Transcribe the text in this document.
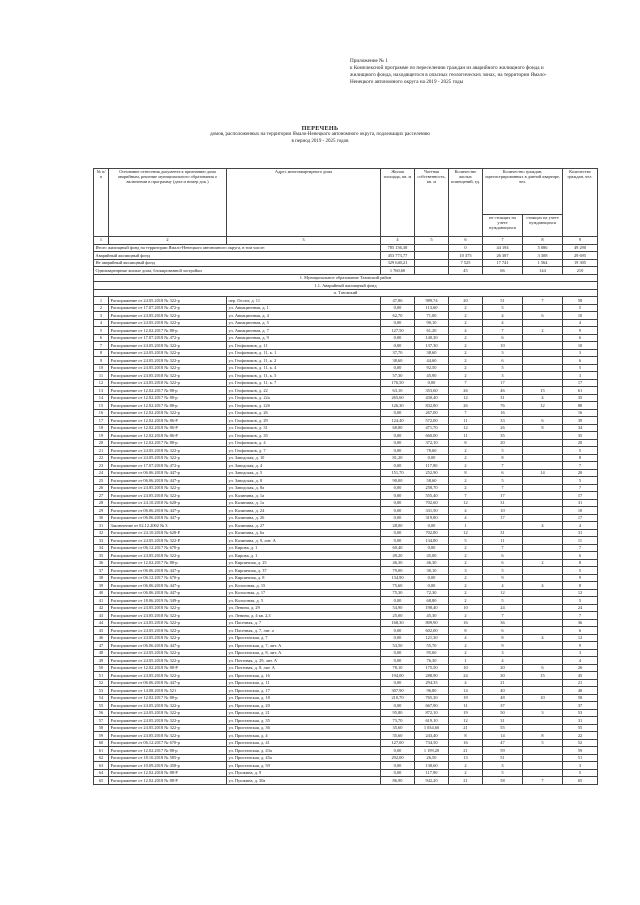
Приложение № 1
к Комплексной программе по переселению граждан из аварийного жилищного фонда и
жилищного фонда, находящегося в опасных геологических зонах, на территории Ямало-
Ненецкого автономного округа на 2019 - 2025 годы
ПЕРЕЧЕНЬ
домов, расположенных на территории Ямало-Ненецкого автономного округа, подлежащих расселению
в период 2019 - 2025 годов
№ п/п	Основание отнесения документа к признанию дома аварийным, решение муниципального образования о включении в программу (дата и номер док.)	Адрес многоквартирного дома	Жилая площадь, кв. м	Частная собственность, кв. м	Количество жилых помещений, ед.	Количество граждан, зарегистрированных в данной квартире, чел.		Количество граждан, чел.
						не стоящих на учете нуждающихся	стоящих на учете нуждающихся	
1	2	3	4	5	6	7	8	9
Итого жилищный фонд на территории Ямало-Ненецкого автономного округа, в том числе:			785 156,38		0	44 194	5 086	49 290
Аварийный жилищный фонд			453 773,77		10 375	26 387	3 308	29 695
Не аварийный жилищный фонд			329 640,21		7 525	17 741	1 564	19 305
Одноквартирные жилые дома, блокированной застройки			1 760,60		45	66	144	210
1. Муниципальное образование Тазовский район								
1.1. Аварийный жилищный фонд								
п. Тазовский								
1	Распоряжение от 24.05.2018 № 322-р	пер. Геолог, д. 11	47,86	989,74	20	51	7	58
2	Распоряжение от 17.07.2018 № 472-р	ул. Авиационная, д. 1	0,00	113,60	2	5		5
3	Распоряжение от 24.05.2018 № 322-р	ул. Авиационная, д. 4	62,70	71,00	2	4	6	10
4	Распоряжение от 24.05.2018 № 322-р	ул. Авиационная, д. 5	0,00	90,10	2	4		4
5	Распоряжение от 12.02.2017 № 88-р	ул. Авиационная, д. 7	127,50	61,20	4	7	2	9
6	Распоряжение от 17.07.2018 № 472-р	ул. Авиационная, д. 9	0,00	140,30	2	6		6
7	Распоряжение от 24.05.2018 № 322-р	ул. Геофизиков, д. 11	0,00	137,30	2	10		10
8	Распоряжение от 24.05.2018 № 322-р	ул. Геофизиков, д. 11, к. 1	37,70	38,60	2	3		3
9	Распоряжение от 24.05.2018 № 322-р	ул. Геофизиков, д. 11, к. 2	38,60	44,60	2	6		6
10	Распоряжение от 24.05.2018 № 322-р	ул. Геофизиков, д. 11, к. 4	0,00	92,50	2	5		5
11	Распоряжение от 24.05.2018 № 322-р	ул. Геофизиков, д. 11, к. 5	57,30	45,90	2	3		3
12	Распоряжение от 24.05.2018 № 322-р	ул. Геофизиков, д. 11, к. 7	176,50	0,00	7	17		17
13	Распоряжение от 12.02.2017 № 88-р	ул. Геофизиков, д. 22	63,10	353,60	26	46	15	61
14	Распоряжение от 12.02.2017 № 88-р	ул. Геофизиков, д. 22а	265,60	430,40	12	31	4	35
15	Распоряжение от 12.02.2017 № 88-р	ул. Геофизиков, д. 22б	126,30	832,80	26	76	12	88
16	Распоряжение от 12.02.2018 № 322-р	ул. Геофизиков, д. 26	0,00	267,00	7	16		16
17	Распоряжение от 12.02.2018 № 86-Р	ул. Геофизиков, д. 29	124,40	572,00	11	33	6	39
18	Распоряжение от 12.02.2018 № 86-Р	ул. Геофизиков, д. 31	68,80	471,70	12	26	8	34
19	Распоряжение от 12.02.2018 № 86-Р	ул. Геофизиков, д. 35	0,00	660,00	11	35		35
20	Распоряжение от 12.02.2017 № 88-р	ул. Геофизиков, д. 4	0,00	372,10	8	20		20
21	Распоряжение от 24.05.2018 № 322-р	ул. Геофизиков, д. 7	0,00	78,60	2	5		5
22	Распоряжение от 24.05.2018 № 322-р	ул. Заводская, д. 10	81,20	0,00	2	8		8
23	Распоряжение от 17.07.2018 № 472-р	ул. Заводская, д. 4	0,00	117,90	2	7		7
24	Распоряжение от 06.06.2018 № 447-р	ул. Заводская, д. 5	151,70	252,90	8	6	14	20
25	Распоряжение от 06.06.2018 № 447-р	ул. Заводская, д. 8	90,00	58,60	2	5		5
26	Распоряжение от 24.05.2018 № 322-р	ул. Заводская, д. 8а	0,00	258,70	2	7		7
27	Распоряжение от 24.05.2018 № 322-р	ул. Калинина, д. 1а	0,00	555,40	7	17		17
28	Распоряжение от 24.10.2018 № 628-р	ул. Калинина, д. 1а	0,00	702,60	12	31		31
29	Распоряжение от 06.06.2018 № 447-р	ул. Калинина, д. 24	0,00	331,50	4	10		10
30	Распоряжение от 06.06.2018 № 447-р	ул. Калинина, д. 26	0,00	319,80	4	17		17
31	Заключение от 02.12.2002 № 3	ул. Калинина, д. 27	28,00	0,00	1		4	4
32	Распоряжение от 24.10.2018 № 628-Р	ул. Калинина, д. 6а	0,00	702,80	12	31		31
33	Распоряжение от 24.05.2018 № 322-Р	ул. Калинина, д. 9, лит. А	0,00	134,80	5	11		11
34	Распоряжение от 06.12.2017 № 670-р	ул. Кирова, д. 1	60,40	0,00	2	7		7
35	Распоряжение от 24.05.2018 № 322-р	ул. Кирова, д. 1	49,20	45,00	2	6		6
36	Распоряжение от 12.02.2017 № 88-р	ул. Кирпичная, д. 25	46,30	46,30	2	6	2	8
37	Распоряжение от 06.06.2018 № 447-р	ул. Кирпичная, д. 37	79,00	30,10	3	5		5
38	Распоряжение от 06.12.2017 № 670-р	ул. Кирпичная, д. 8	134,90	0,00	2	9		9
39	Распоряжение от 06.06.2018 № 447-р	ул. Колхозная, д. 15	75,60	0,00	2	4	4	8
40	Распоряжение от 06.06.2018 № 447-р	ул. Колхозная, д. 17	75,30	72,30	2	12		12
41	Распоряжение от 18.06.2019 № 349-р	ул. Колхозная, д. 5	0,00	68,80	2	5		5
42	Распоряжение от 24.05.2018 № 322-р	ул. Ленина, д. 29	54,90	198,40	10	24		24
43	Распоряжение от 24.05.2018 № 322-р	ул. Ленина, д. 4 кв. 2,3	25,00	45,30	2	7		7
44	Распоряжение от 24.05.2018 № 322-р	ул. Пасечная, д. 7	168,30	809,90	16	36		36
45	Распоряжение от 24.05.2018 № 322-р	ул. Пасечная, д. 7, лит. а	0,00	602,00	8	6		6
46	Распоряжение от 24.05.2018 № 322-р	ул. Пристанская, д. 7	0,00	121,30	4	8	4	12
47	Распоряжение от 06.06.2018 № 447-р	ул. Пристанская, д. 7, лит. А	53,50	55,70	2	9		9
48	Распоряжение от 24.05.2018 № 322-р	ул. Пристанская, д. 8, лит. А	0,00	95,60	2	3		3
49	Распоряжение от 24.05.2018 № 322-р	ул. Почтовая, д. 29, лит. А	0,00	76,30	1	4		4
50	Распоряжение от 12.02.2018 № 88-Р	ул. Почтовая, д. 8, лит. А	78,10	175,50	10	20	6	26
51	Распоряжение от 24.05.2018 № 322-р	ул. Пристанская, д. 16	194,00	288,90	24	30	15	45
52	Распоряжение от 06.06.2018 № 447-р	ул. Пристанская, д. 11	0,00	294,35	4	21		21
53	Распоряжение от 14.08.2018 № 521	ул. Пристанская, д. 17	307,90	96,80	14	40		40
54	Распоряжение от 12.02.2017 № 88-р	ул. Пристанская, д. 18	210,70	765,30	19	48	10	58
55	Распоряжение от 24.05.2018 № 322-р	ул. Пристанская, д. 20	0,00	667,90	11	37		37
56	Распоряжение от 24.05.2018 № 322-р	ул. Пристанская, д. 21	95,80	872,10	19	50	3	53
57	Распоряжение от 24.05.2018 № 322-р	ул. Пристанская, д. 35	73,70	619,10	12	31		31
58	Распоряжение от 24.05.2018 № 322-р	ул. Пристанская, д. 36	35,60	1 034,60	21	55		55
59	Распоряжение от 24.05.2018 № 322-р	ул. Пристанская, д. 4	35,60	243,40	8	14	8	22
60	Распоряжение от 06.12.2017 № 670-р	ул. Пристанская, д. 41	127,00	734,50	16	47	5	52
61	Распоряжение от 12.02.2017 № 88-р	ул. Пристанская, д. 43а	0,00	1 199,20	21	59		59
62	Распоряжение от 18.10.2018 № 585-р	ул. Пристанская, д. 45а	292,00	26,50	13	51		51
63	Распоряжение от 10.09.2019 № 458-р	ул. Пристанская, д. 59	0,00	138,60	2	3		3
64	Распоряжение от 12.02.2018 № 88-Р	ул. Пушкина, д. 9	0,00	117,90	2	5		5
65	Распоряжение от 12.02.2018 № 88-Р	ул. Пушкина, д. 30а	86,90	942,20	21	58	7	65
